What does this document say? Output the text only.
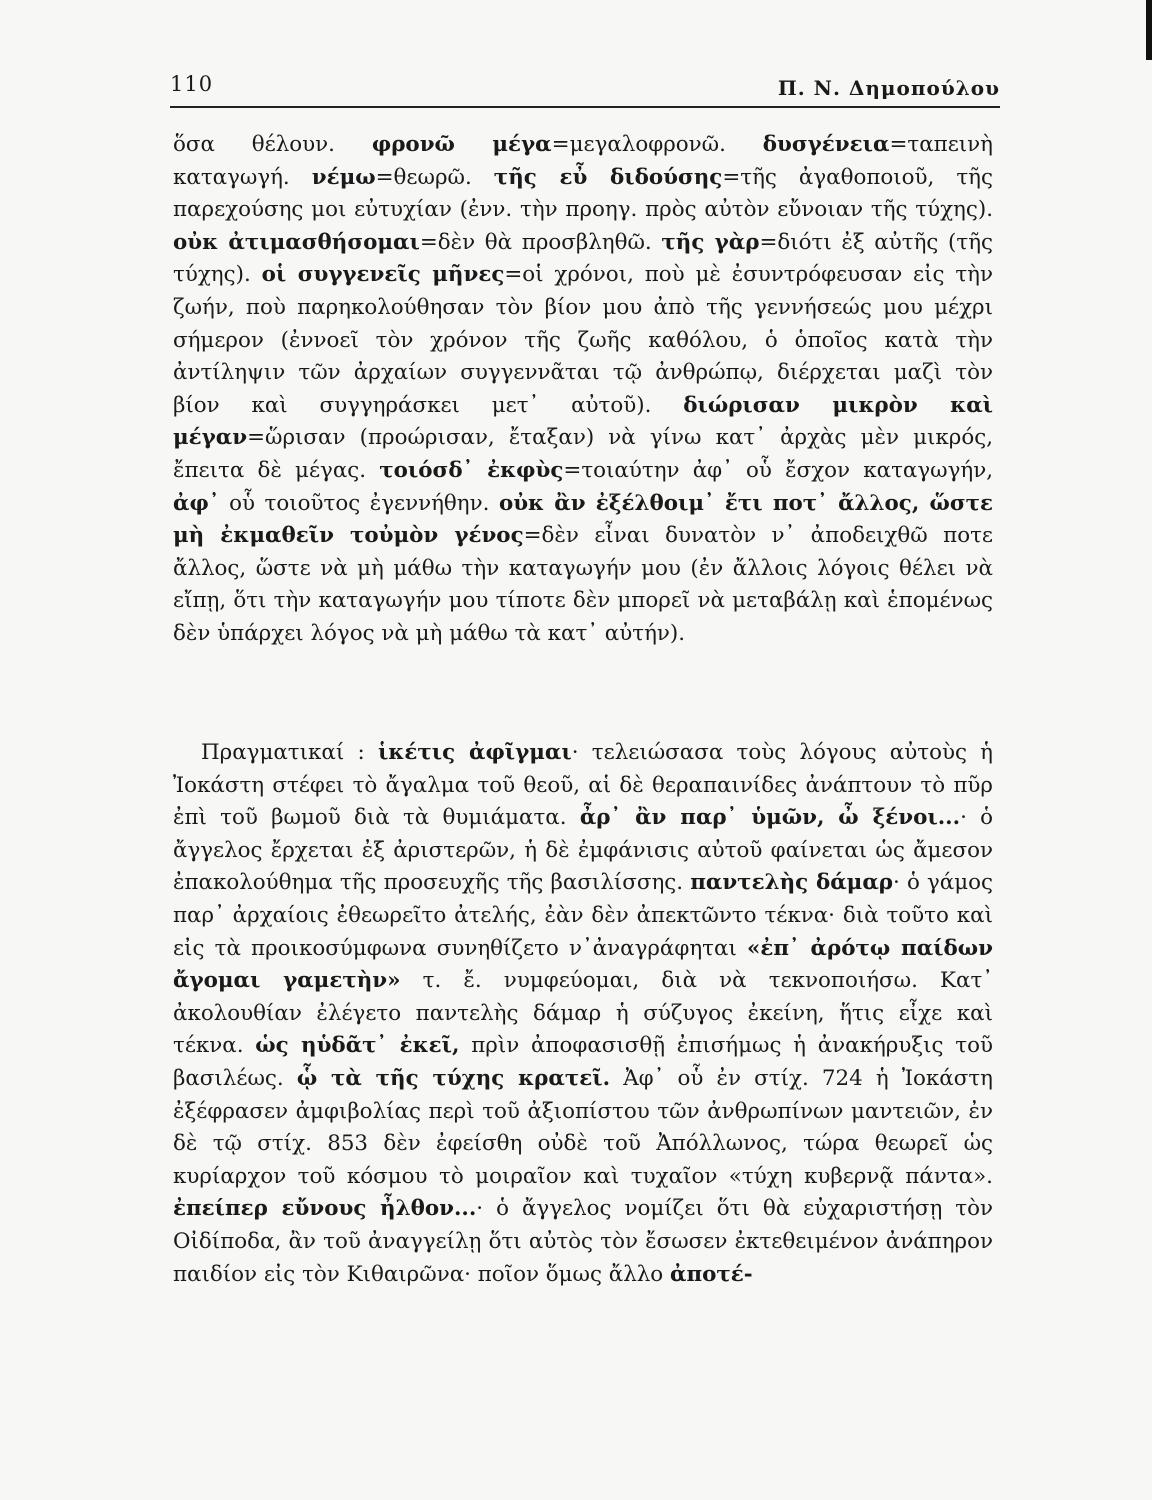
110	Π. Ν. Δημοπούλου
ὅσα θέλουν. φρονῶ μέγα=μεγαλοφρονῶ. δυσγένεια=ταπεινὴ καταγωγή. νέμω=θεωρῶ. τῆς εὖ διδούσης=τῆς ἀγαθοποιοῦ, τῆς παρεχούσης μοι εὐτυχίαν (ἐνν. τὴν προηγ. πρὸς αὐτὸν εὔνοιαν τῆς τύχης). οὐκ ἀτιμασθήσομαι=δὲν θὰ προσβληθῶ. τῆς γὰρ=διότι ἐξ αὐτῆς (τῆς τύχης). οἱ συγγενεῖς μῆνες=οἱ χρόνοι, ποὺ μὲ ἐσυντρόφευσαν εἰς τὴν ζωήν, ποὺ παρηκολούθησαν τὸν βίον μου ἀπὸ τῆς γεννήσεώς μου μέχρι σήμερον (ἐννοεῖ τὸν χρόνον τῆς ζωῆς καθόλου, ὁ ὁποῖος κατὰ τὴν ἀντίληψιν τῶν ἀρχαίων συγγεννᾶται τῷ ἀνθρώπῳ, διέρχεται μαζὶ τὸν βίον καὶ συγγηράσκει μετ᾽ αὐτοῦ). διώρισαν μικρὸν καὶ μέγαν=ὥρισαν (προώρισαν, ἔταξαν) νὰ γίνω κατ᾽ ἀρχὰς μὲν μικρός, ἔπειτα δὲ μέγας. τοιόσδ᾽ ἐκφὺς=τοιαύτην ἀφ᾽ οὗ ἔσχον καταγωγήν, ἀφ᾽ οὗ τοιοῦτος ἐγεννήθην. οὐκ ἂν ἐξέλθοιμ᾽ ἔτι ποτ᾽ ἄλλος, ὥστε μὴ ἐκμαθεῖν τοὐμὸν γένος=δὲν εἶναι δυνατὸν ν᾽ ἀποδειχθῶ ποτε ἄλλος, ὥστε νὰ μὴ μάθω τὴν καταγωγήν μου (ἐν ἄλλοις λόγοις θέλει νὰ εἴπῃ, ὅτι τὴν καταγωγήν μου τίποτε δὲν μπορεῖ νὰ μεταβάλῃ καὶ ἑπομένως δὲν ὑπάρχει λόγος νὰ μὴ μάθω τὰ κατ᾽ αὐτήν).
Πραγματικαί : ἱκέτις ἀφῖγμαι· τελειώσασα τοὺς λόγους αὐτοὺς ἡ Ἰοκάστη στέφει τὸ ἄγαλμα τοῦ θεοῦ, αἱ δὲ θεραπαινίδες ἀνάπτουν τὸ πῦρ ἐπὶ τοῦ βωμοῦ διὰ τὰ θυμιάματα. ἆρ᾽ ἂν παρ᾽ ὑμῶν, ὦ ξένοι...· ὁ ἄγγελος ἔρχεται ἐξ ἀριστερῶν, ἡ δὲ ἐμφάνισις αὐτοῦ φαίνεται ὡς ἄμεσον ἐπακολούθημα τῆς προσευχῆς τῆς βασιλίσσης. παντελὴς δάμαρ· ὁ γάμος παρ᾽ ἀρχαίοις ἐθεωρεῖτο ἀτελής, ἐὰν δὲν ἀπεκτῶντο τέκνα· διὰ τοῦτο καὶ εἰς τὰ προικοσύμφωνα συνηθίζετο ν᾽ἀναγράφηται «ἐπ᾽ ἀρότῳ παίδων ἄγομαι γαμετὴν» τ. ἔ. νυμφεύομαι, διὰ νὰ τεκνοποιήσω. Κατ᾽ ἀκολουθίαν ἐλέγετο παντελὴς δάμαρ ἡ σύζυγος ἐκείνη, ἥτις εἶχε καὶ τέκνα. ὡς ηὑδᾶτ᾽ ἐκεῖ, πρὶν ἀποφασισθῇ ἐπισήμως ἡ ἀνακήρυξις τοῦ βασιλέως. ᾧ τὰ τῆς τύχης κρατεῖ. Ἀφ᾽ οὗ ἐν στίχ. 724 ἡ Ἰοκάστη ἐξέφρασεν ἀμφιβολίας περὶ τοῦ ἀξιοπίστου τῶν ἀνθρωπίνων μαντειῶν, ἐν δὲ τῷ στίχ. 853 δὲν ἐφείσθη οὐδὲ τοῦ Ἀπόλλωνος, τώρα θεωρεῖ ὡς κυρίαρχον τοῦ κόσμου τὸ μοιραῖον καὶ τυχαῖον «τύχη κυβερνᾷ πάντα». ἐπείπερ εὔνους ἦλθον...· ὁ ἄγγελος νομίζει ὅτι θὰ εὐχαριστήσῃ τὸν Οἰδίποδα, ἂν τοῦ ἀναγγείλῃ ὅτι αὐτὸς τὸν ἔσωσεν ἐκτεθειμένον ἀνάπηρον παιδίον εἰς τὸν Κιθαιρῶνα· ποῖον ὅμως ἄλλο ἀποτέ-
